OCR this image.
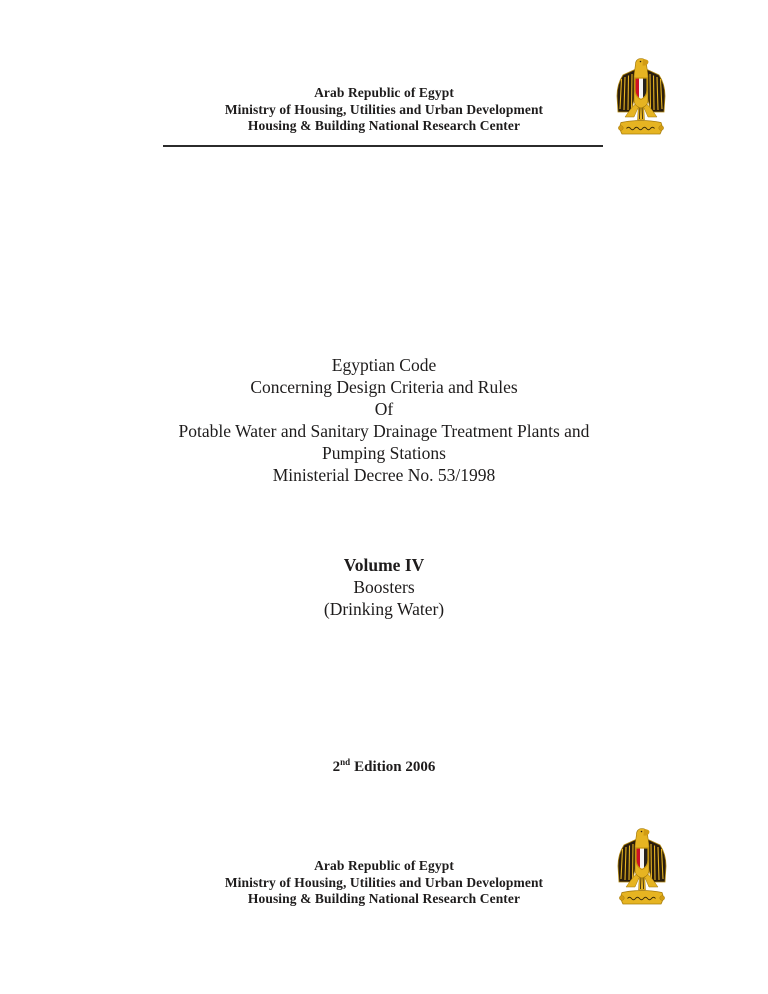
Arab Republic of Egypt
Ministry of Housing, Utilities and Urban Development
Housing & Building National Research Center
Egyptian Code
Concerning Design Criteria and Rules
Of
Potable Water and Sanitary Drainage Treatment Plants and
Pumping Stations
Ministerial Decree No. 53/1998
Volume IV
Boosters
(Drinking Water)
2nd Edition 2006
Arab Republic of Egypt
Ministry of Housing, Utilities and Urban Development
Housing & Building National Research Center
